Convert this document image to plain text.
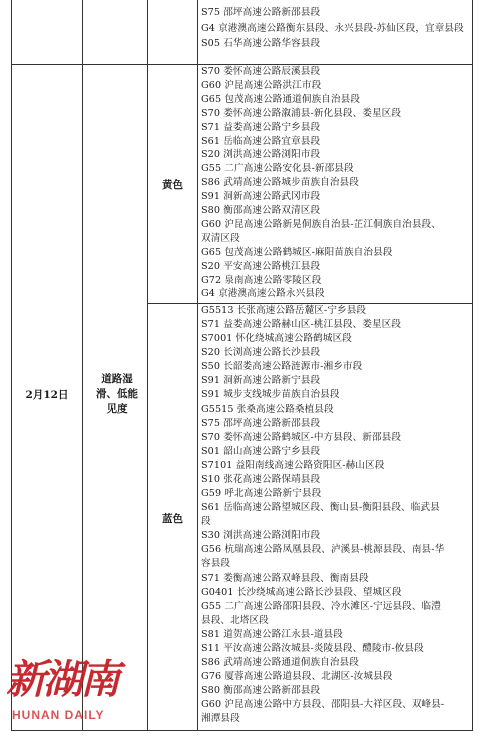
2月12日
道路湿滑、低能见度
黄色
蓝色
S75 邵坪高速公路新邵县段
G4 京港澳高速公路衡东县段、永兴县段-苏仙区段，宜章县段
S05 石华高速公路华容县段
S70 娄怀高速公路辰溪县段
G60 沪昆高速公路洪江市段
G65 包茂高速公路通道侗族自治县段
S70 娄怀高速公路溆浦县-新化县段、娄星区段
S71 益娄高速公路宁乡县段
S61 岳临高速公路宜章县段
S20 浏洪高速公路浏阳市段
G55 二广高速公路安化县-新邵县段
S86 武靖高速公路城步苗族自治县段
S91 洞新高速公路武冈市段
S80 衡邵高速公路双清区段
G60 沪昆高速公路新晃侗族自治县-芷江侗族自治县段、
双清区段
G65 包茂高速公路鹤城区-麻阳苗族自治县段
S20 平安高速公路桃江县段
G72 泉南高速公路零陵区段
G4 京港澳高速公路永兴县段
G5513 长张高速公路岳麓区-宁乡县段
S71 益娄高速公路赫山区-桃江县段、娄星区段
S7001 怀化绕城高速公路鹤城区段
S20 长浏高速公路长沙县段
S50 长韶娄高速公路涟源市-湘乡市段
S91 洞新高速公路新宁县段
S91 城步支线城步苗族自治县段
G5515 张桑高速公路桑植县段
S75 邵坪高速公路新邵县段
S70 娄怀高速公路鹤城区-中方县段、新邵县段
S01 韶山高速公路宁乡县段
S7101 益阳南线高速公路资阳区-赫山区段
S10 张花高速公路保靖县段
G59 呼北高速公路新宁县段
S61 岳临高速公路望城区段、衡山县-衡阳县段、临武县
段
S30 浏洪高速公路浏阳市段
G56 杭瑞高速公路凤凰县段、泸溪县-桃源县段、南县-华
容县段
S71 娄衡高速公路双峰县段、衡南县段
G0401 长沙绕城高速公路长沙县段、望城区段
G55 二广高速公路邵阳县段、冷水滩区-宁远县段、临澧
县段、北塔区段
S81 道贺高速公路江永县-道县段
S11 平汝高速公路汝城县-炎陵县段、醴陵市-攸县段
S86 武靖高速公路通道侗族自治县段
G76 厦蓉高速公路道县段、北湖区-汝城县段
S80 衡邵高速公路新邵县段
G60 沪昆高速公路中方县段、邵阳县-大祥区段、双峰县-
湘潭县段
新湖南
HUNAN DAILY
